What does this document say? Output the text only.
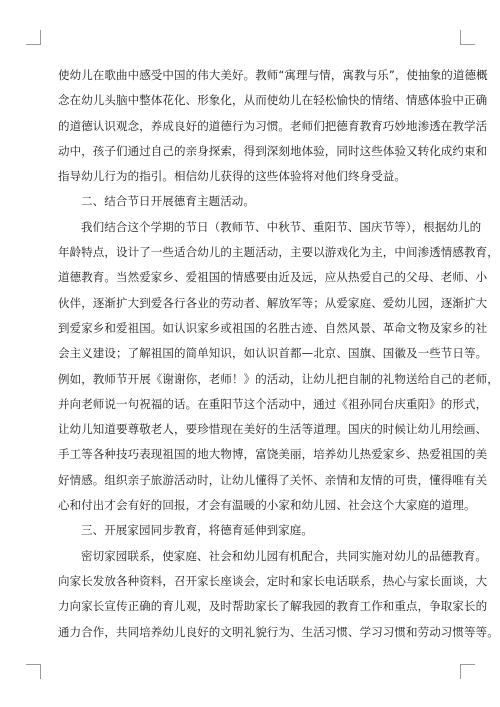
使幼儿在歌曲中感受中国的伟大美好。教师“寓理与情，寓教与乐”，使抽象的道德概
念在幼儿头脑中整体花化、形象化，从而使幼儿在轻松愉快的情绪、情感体验中正确
的道德认识观念，养成良好的道德行为习惯。老师们把德育教育巧妙地渗透在教学活
动中，孩子们通过自己的亲身探索，得到深刻地体验，同时这些体验又转化成约束和
指导幼儿行为的指引。相信幼儿获得的这些体验将对他们终身受益。
二、结合节日开展德育主题活动。
我们结合这个学期的节日（教师节、中秋节、重阳节、国庆节等），根据幼儿的
年龄特点，设计了一些适合幼儿的主题活动，主要以游戏化为主，中间渗透情感教育，
道德教育。当然爱家乡、爱祖国的情感要由近及远，应从热爱自己的父母、老师、小
伙伴，逐渐扩大到爱各行各业的劳动者、解放军等；从爱家庭、爱幼儿园，逐渐扩大
到爱家乡和爱祖国。如认识家乡或祖国的名胜古迹、自然风景、革命文物及家乡的社
会主义建设；了解祖国的简单知识，如认识首都—北京、国旗、国徽及一些节日等。
例如，教师节开展《谢谢你，老师！》的活动，让幼儿把自制的礼物送给自己的老师，
并向老师说一句祝福的话。在重阳节这个活动中，通过《祖孙同台庆重阳》的形式，
让幼儿知道要尊敬老人，要珍惜现在美好的生活等道理。国庆的时候让幼儿用绘画、
手工等各种技巧表现祖国的地大物博，富饶美丽，培养幼儿热爱家乡、热爱祖国的美
好情感。组织亲子旅游活动时，让幼儿懂得了关怀、亲情和友情的可贵，懂得唯有关
心和付出才会有好的回报，才会有温暖的小家和幼儿园、社会这个大家庭的道理。
三、开展家园同步教育，将德育延伸到家庭。
密切家园联系，使家庭、社会和幼儿园有机配合，共同实施对幼儿的品德教育。
向家长发放各种资料，召开家长座谈会，定时和家长电话联系，热心与家长面谈，大
力向家长宣传正确的育儿观，及时帮助家长了解我园的教育工作和重点，争取家长的
通力合作，共同培养幼儿良好的文明礼貌行为、生活习惯、学习习惯和劳动习惯等等。
